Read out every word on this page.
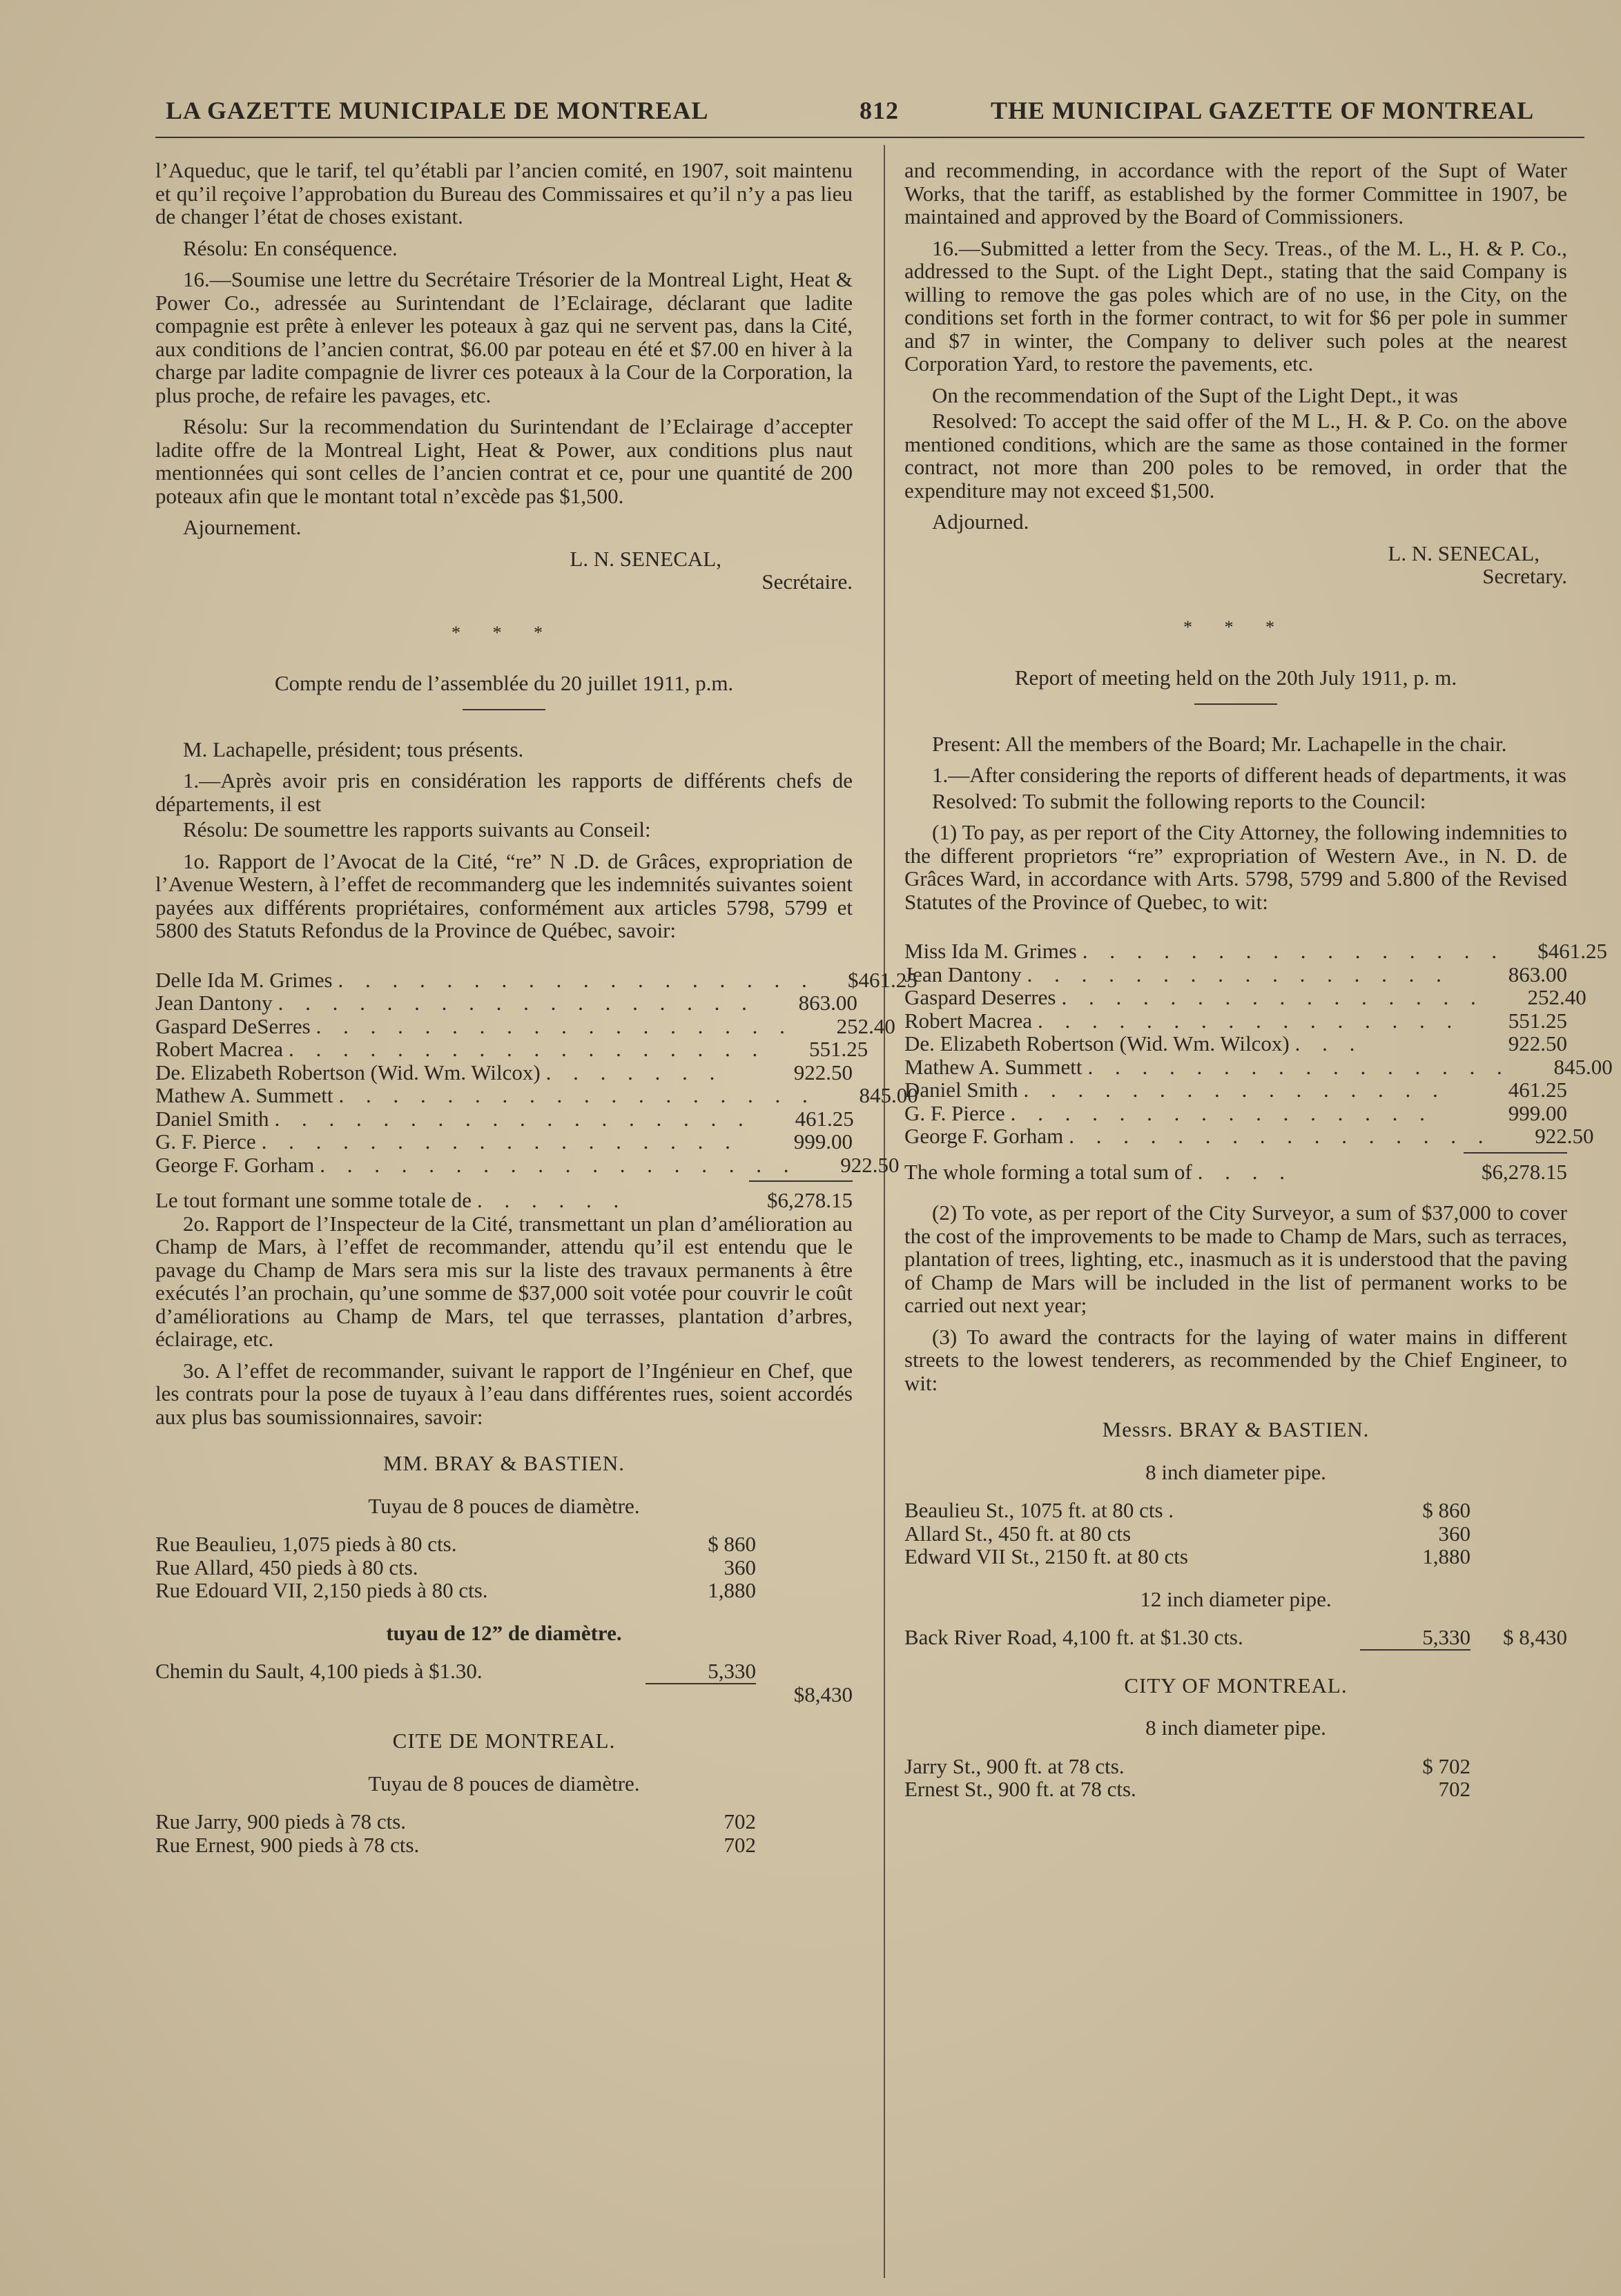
LA GAZETTE MUNICIPALE DE MONTREAL	812	THE MUNICIPAL GAZETTE OF MONTREAL

l’Aqueduc, que le tarif, tel qu’établi par l’ancien comité, en 1907, soit maintenu et qu’il reçoive l’approbation du Bureau des Commissaires et qu’il n’y a pas lieu de changer l’état de choses existant.

Résolu: En conséquence.

16.—Soumise une lettre du Secrétaire Trésorier de la Montreal Light, Heat & Power Co., adressée au Surintendant de l’Eclairage, déclarant que ladite compagnie est prête à enlever les poteaux à gaz qui ne servent pas, dans la Cité, aux conditions de l’ancien contrat, $6.00 par poteau en été et $7.00 en hiver à la charge par ladite compagnie de livrer ces poteaux à la Cour de la Corporation, la plus proche, de refaire les pavages, etc.

Résolu: Sur la recommendation du Surintendant de l’Eclairage d’accepter ladite offre de la Montreal Light, Heat & Power, aux conditions plus naut mentionnées qui sont celles de l’ancien contrat et ce, pour une quantité de 200 poteaux afin que le montant total n’excède pas $1,500.

Ajournement.

L. N. SENECAL,

Secrétaire.

* * *

Compte rendu de l’assemblée du 20 juillet 1911, p.m.

M. Lachapelle, président; tous présents.

1.—Après avoir pris en considération les rapports de différents chefs de départements, il est

Résolu: De soumettre les rapports suivants au Conseil:

1o. Rapport de l’Avocat de la Cité, “re” N .D. de Grâces, expropriation de l’Avenue Western, à l’effet de recommanderg que les indemnités suivantes soient payées aux différents propriétaires, conformément aux articles 5798, 5799 et 5800 des Statuts Refondus de la Province de Québec, savoir:

Delle Ida M. Grimes . . . . . . . . . . . . . . . . . .	$461.25
Jean Dantony . . . . . . . . . . . . . . . . . .	863.00
Gaspard DeSerres . . . . . . . . . . . . . . . . . .	252.40
Robert Macrea . . . . . . . . . . . . . . . . . .	551.25
De. Elizabeth Robertson (Wid. Wm. Wilcox) . . . . . . .	922.50
Mathew A. Summett . . . . . . . . . . . . . . . . . .	845.00
Daniel Smith . . . . . . . . . . . . . . . . . .	461.25
G. F. Pierce . . . . . . . . . . . . . . . . . .	999.00
George F. Gorham . . . . . . . . . . . . . . . . . .	922.50
Le tout formant une somme totale de . . . . . .	$6,278.15

2o. Rapport de l’Inspecteur de la Cité, transmettant un plan d’amélioration au Champ de Mars, à l’effet de recommander, attendu qu’il est entendu que le pavage du Champ de Mars sera mis sur la liste des travaux permanents à être exécutés l’an prochain, qu’une somme de $37,000 soit votée pour couvrir le coût d’améliorations au Champ de Mars, tel que terrasses, plantation d’arbres, éclairage, etc.

3o. A l’effet de recommander, suivant le rapport de l’Ingénieur en Chef, que les contrats pour la pose de tuyaux à l’eau dans différentes rues, soient accordés aux plus bas soumissionnaires, savoir:

MM. BRAY & BASTIEN.
Tuyau de 8 pouces de diamètre.
Rue Beaulieu, 1,075 pieds à 80 cts.	$ 860
Rue Allard, 450 pieds à 80 cts.	360
Rue Edouard VII, 2,150 pieds à 80 cts.	1,880
tuyau de 12” de diamètre.
Chemin du Sault, 4,100 pieds à $1.30.	5,330
$8,430
CITE DE MONTREAL.
Tuyau de 8 pouces de diamètre.
Rue Jarry, 900 pieds à 78 cts.	702
Rue Ernest, 900 pieds à 78 cts.	702

and recommending, in accordance with the report of the Supt of Water Works, that the tariff, as established by the former Committee in 1907, be maintained and approved by the Board of Commissioners.

16.—Submitted a letter from the Secy. Treas., of the M. L., H. & P. Co., addressed to the Supt. of the Light Dept., stating that the said Company is willing to remove the gas poles which are of no use, in the City, on the conditions set forth in the former contract, to wit for $6 per pole in summer and $7 in winter, the Company to deliver such poles at the nearest Corporation Yard, to restore the pavements, etc.

On the recommendation of the Supt of the Light Dept., it was

Resolved: To accept the said offer of the M L., H. & P. Co. on the above mentioned conditions, which are the same as those contained in the former contract, not more than 200 poles to be removed, in order that the expenditure may not exceed $1,500.

Adjourned.

L. N. SENECAL,

Secretary.

* * *

Report of meeting held on the 20th July 1911, p. m.

Present: All the members of the Board; Mr. Lachapelle in the chair.

1.—After considering the reports of different heads of departments, it was

Resolved: To submit the following reports to the Council:

(1) To pay, as per report of the City Attorney, the following indemnities to the different proprietors “re” expropriation of Western Ave., in N. D. de Grâces Ward, in accordance with Arts. 5798, 5799 and 5.800 of the Revised Statutes of the Province of Quebec, to wit:

Miss Ida M. Grimes . . . . . . . . . . . . . . . .	$461.25
Jean Dantony . . . . . . . . . . . . . . . .	863.00
Gaspard Deserres . . . . . . . . . . . . . . . .	252.40
Robert Macrea . . . . . . . . . . . . . . . .	551.25
De. Elizabeth Robertson (Wid. Wm. Wilcox) . . .	922.50
Mathew A. Summett . . . . . . . . . . . . . . . .	845.00
Daniel Smith . . . . . . . . . . . . . . . .	461.25
G. F. Pierce . . . . . . . . . . . . . . . .	999.00
George F. Gorham . . . . . . . . . . . . . . . .	922.50
The whole forming a total sum of . . . .	$6,278.15

(2) To vote, as per report of the City Surveyor, a sum of $37,000 to cover the cost of the improvements to be made to Champ de Mars, such as terraces, plantation of trees, lighting, etc., inasmuch as it is understood that the paving of Champ de Mars will be included in the list of permanent works to be carried out next year;

(3) To award the contracts for the laying of water mains in different streets to the lowest tenderers, as recommended by the Chief Engineer, to wit:

Messrs. BRAY & BASTIEN.
8 inch diameter pipe.
Beaulieu St., 1075 ft. at 80 cts .	$ 860
Allard St., 450 ft. at 80 cts	360
Edward VII St., 2150 ft. at 80 cts	1,880
12 inch diameter pipe.
Back River Road, 4,100 ft. at $1.30 cts.	5,330	$ 8,430
CITY OF MONTREAL.
8 inch diameter pipe.
Jarry St., 900 ft. at 78 cts.	$ 702
Ernest St., 900 ft. at 78 cts.	702
